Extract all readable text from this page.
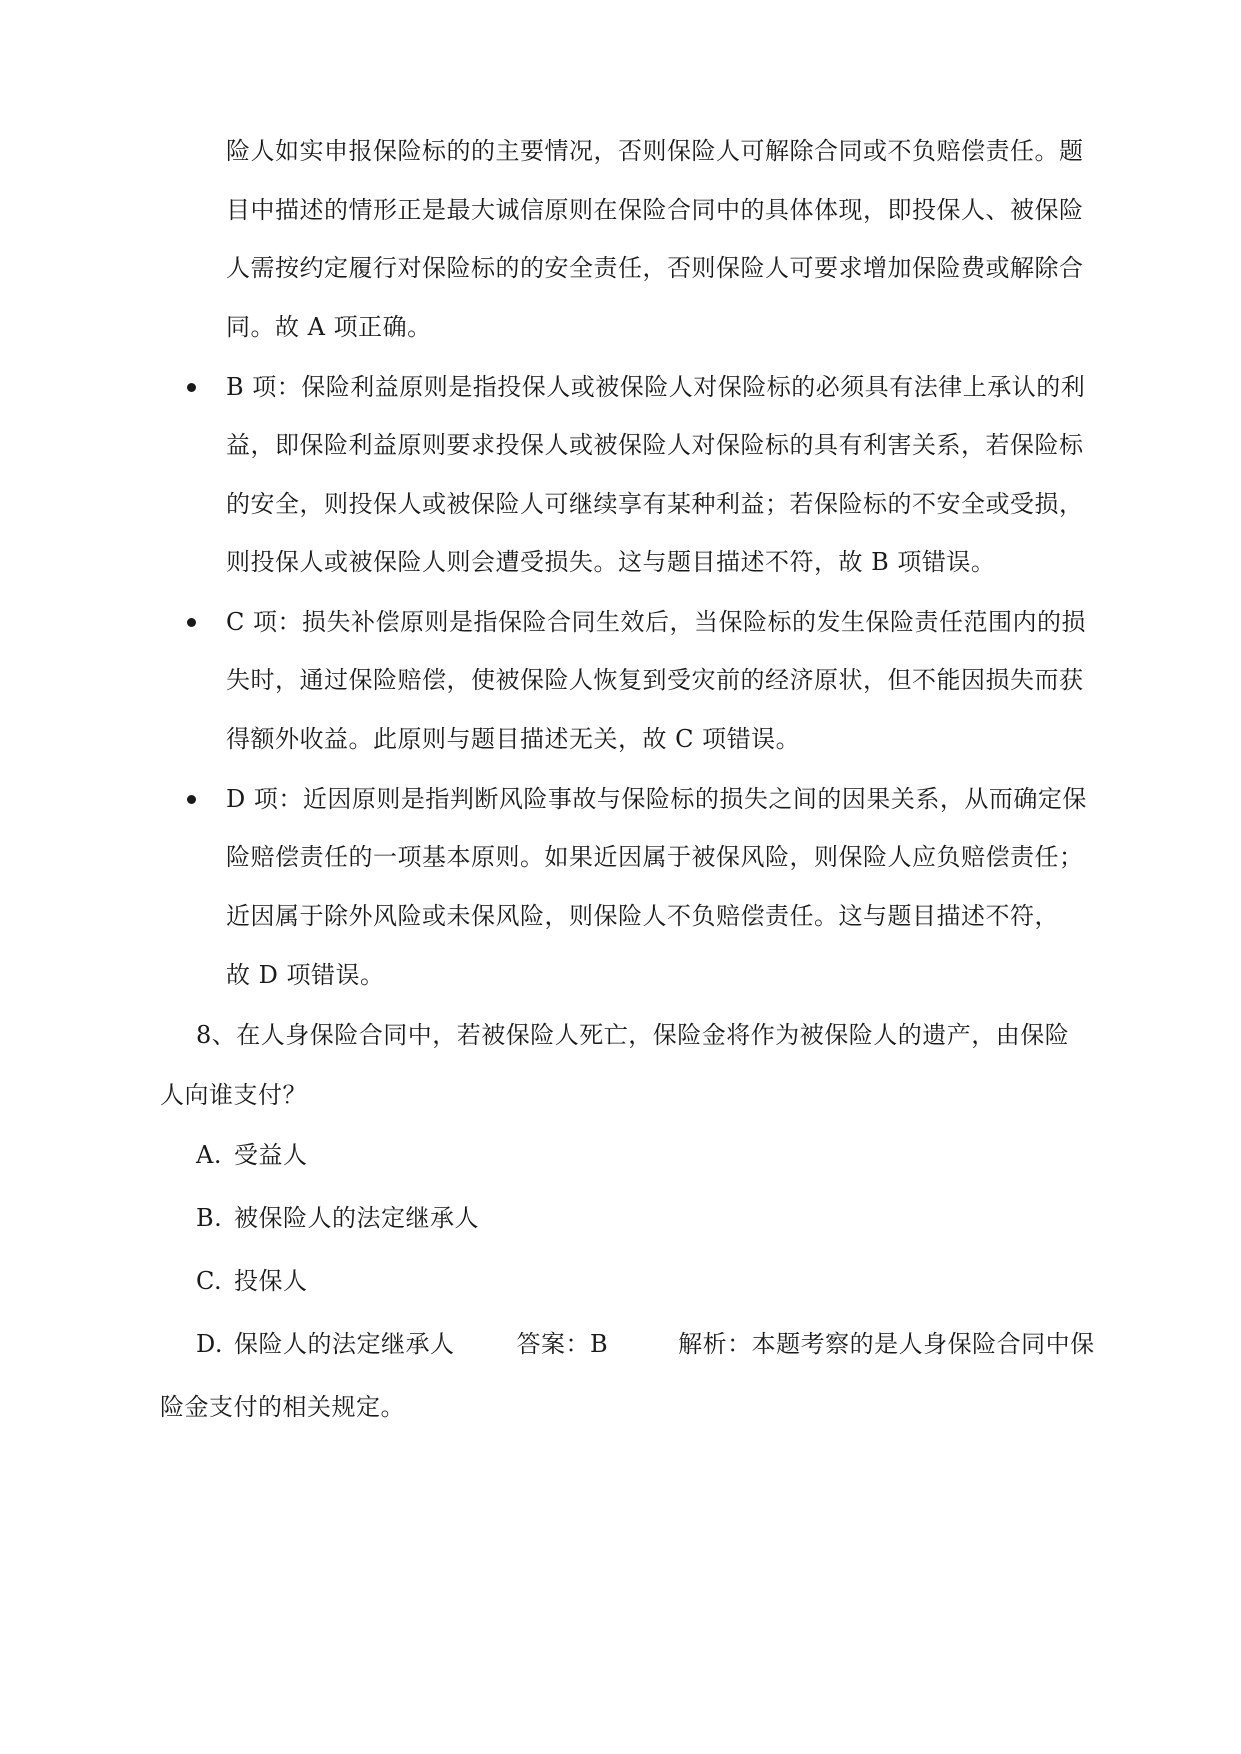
险人如实申报保险标的的主要情况，否则保险人可解除合同或不负赔偿责任。题
目中描述的情形正是最大诚信原则在保险合同中的具体体现，即投保人、被保险
人需按约定履行对保险标的的安全责任，否则保险人可要求增加保险费或解除合
同。故 A 项正确。
B 项：保险利益原则是指投保人或被保险人对保险标的必须具有法律上承认的利
益，即保险利益原则要求投保人或被保险人对保险标的具有利害关系，若保险标
的安全，则投保人或被保险人可继续享有某种利益；若保险标的不安全或受损，
则投保人或被保险人则会遭受损失。这与题目描述不符，故 B 项错误。
C 项：损失补偿原则是指保险合同生效后，当保险标的发生保险责任范围内的损
失时，通过保险赔偿，使被保险人恢复到受灾前的经济原状，但不能因损失而获
得额外收益。此原则与题目描述无关，故 C 项错误。
D 项：近因原则是指判断风险事故与保险标的损失之间的因果关系，从而确定保
险赔偿责任的一项基本原则。如果近因属于被保风险，则保险人应负赔偿责任；
近因属于除外风险或未保风险，则保险人不负赔偿责任。这与题目描述不符，
故 D 项错误。
8、在人身保险合同中，若被保险人死亡，保险金将作为被保险人的遗产，由保险
人向谁支付？
A. 受益人
B. 被保险人的法定继承人
C. 投保人
D. 保险人的法定继承人	答案：B	解析：本题考察的是人身保险合同中保
险金支付的相关规定。
